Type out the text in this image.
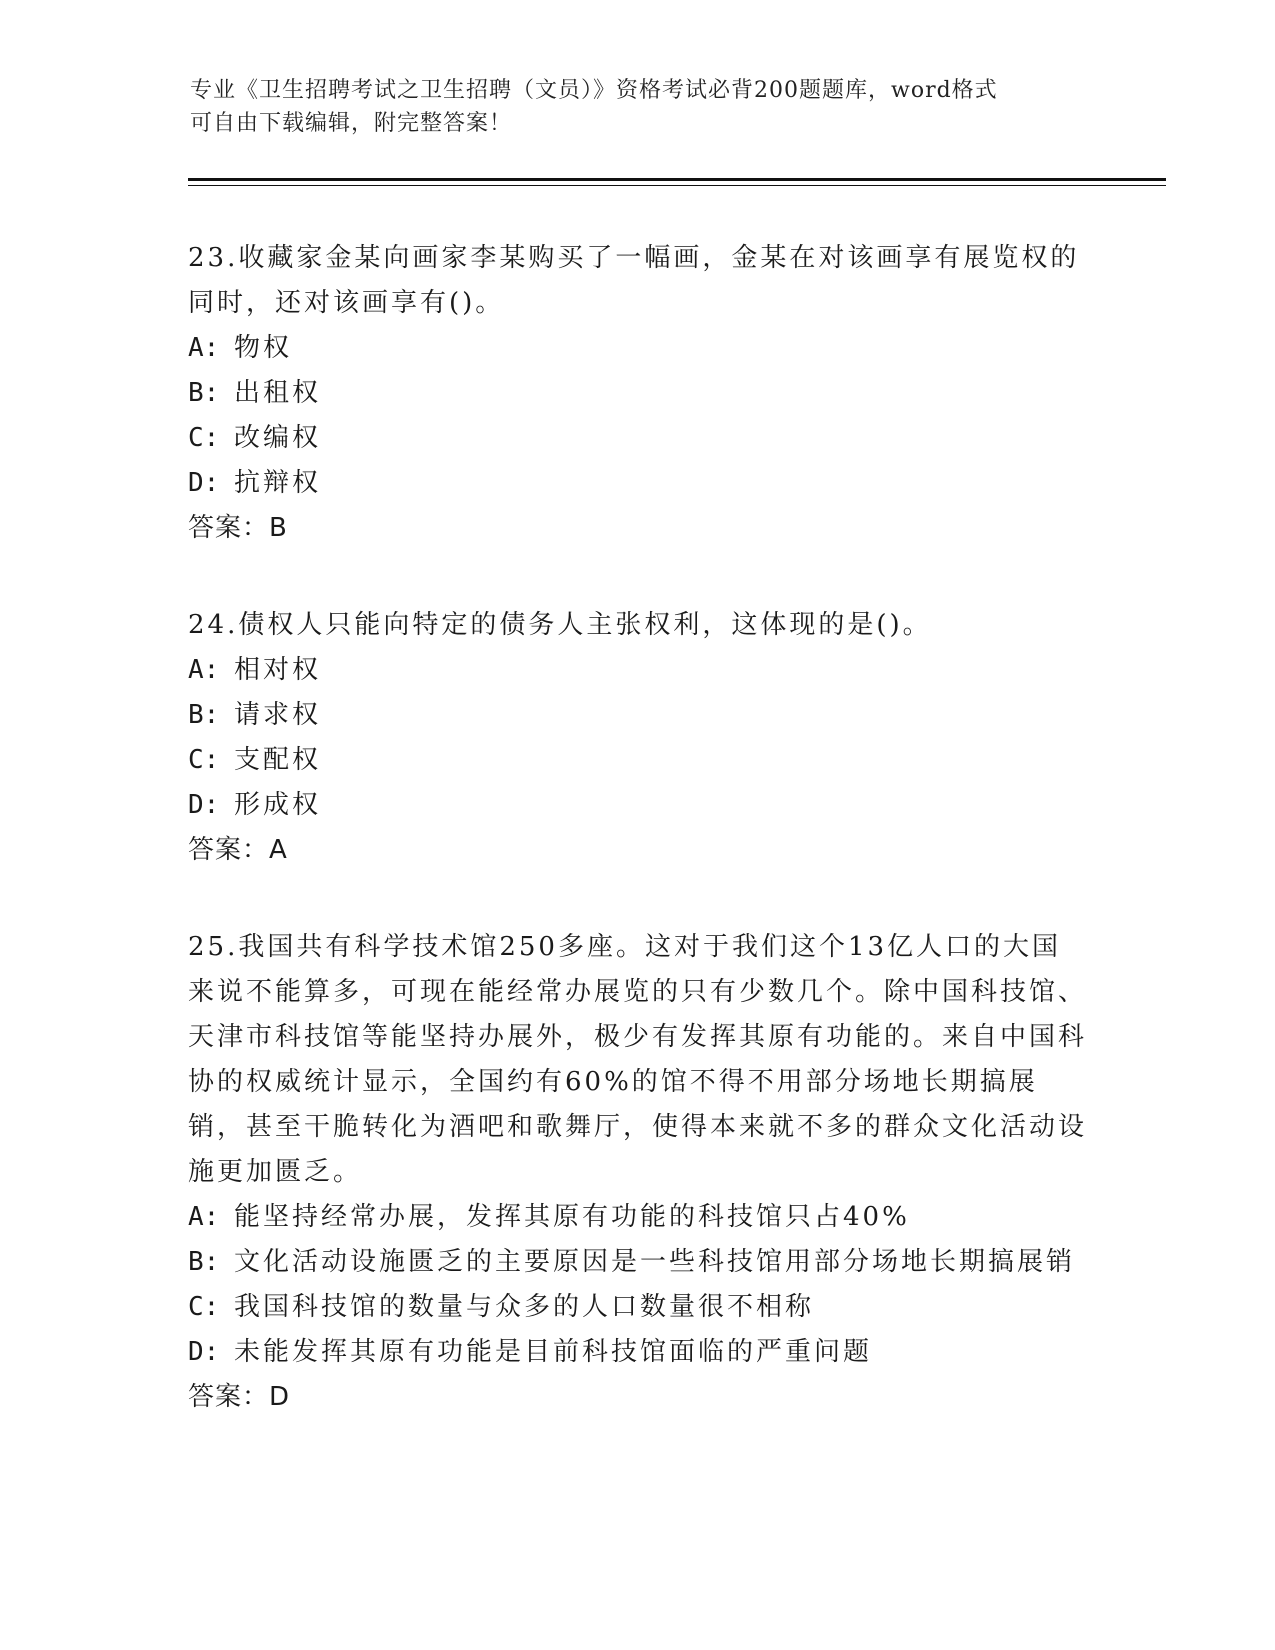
专业《卫生招聘考试之卫生招聘（文员）》资格考试必背200题题库，word格式
可自由下载编辑，附完整答案！

23.收藏家金某向画家李某购买了一幅画，金某在对该画享有展览权的同时，还对该画享有()。

A: 物权
B: 出租权
C: 改编权
D: 抗辩权
答案：B

24.债权人只能向特定的债务人主张权利，这体现的是()。

A: 相对权
B: 请求权
C: 支配权
D: 形成权
答案：A

25.我国共有科学技术馆250多座。这对于我们这个13亿人口的大国来说不能算多，可现在能经常办展览的只有少数几个。除中国科技馆、天津市科技馆等能坚持办展外，极少有发挥其原有功能的。来自中国科协的权威统计显示，全国约有60%的馆不得不用部分场地长期搞展销，甚至干脆转化为酒吧和歌舞厅，使得本来就不多的群众文化活动设施更加匮乏。

A: 能坚持经常办展，发挥其原有功能的科技馆只占40%
B: 文化活动设施匮乏的主要原因是一些科技馆用部分场地长期搞展销
C: 我国科技馆的数量与众多的人口数量很不相称
D: 未能发挥其原有功能是目前科技馆面临的严重问题
答案：D
